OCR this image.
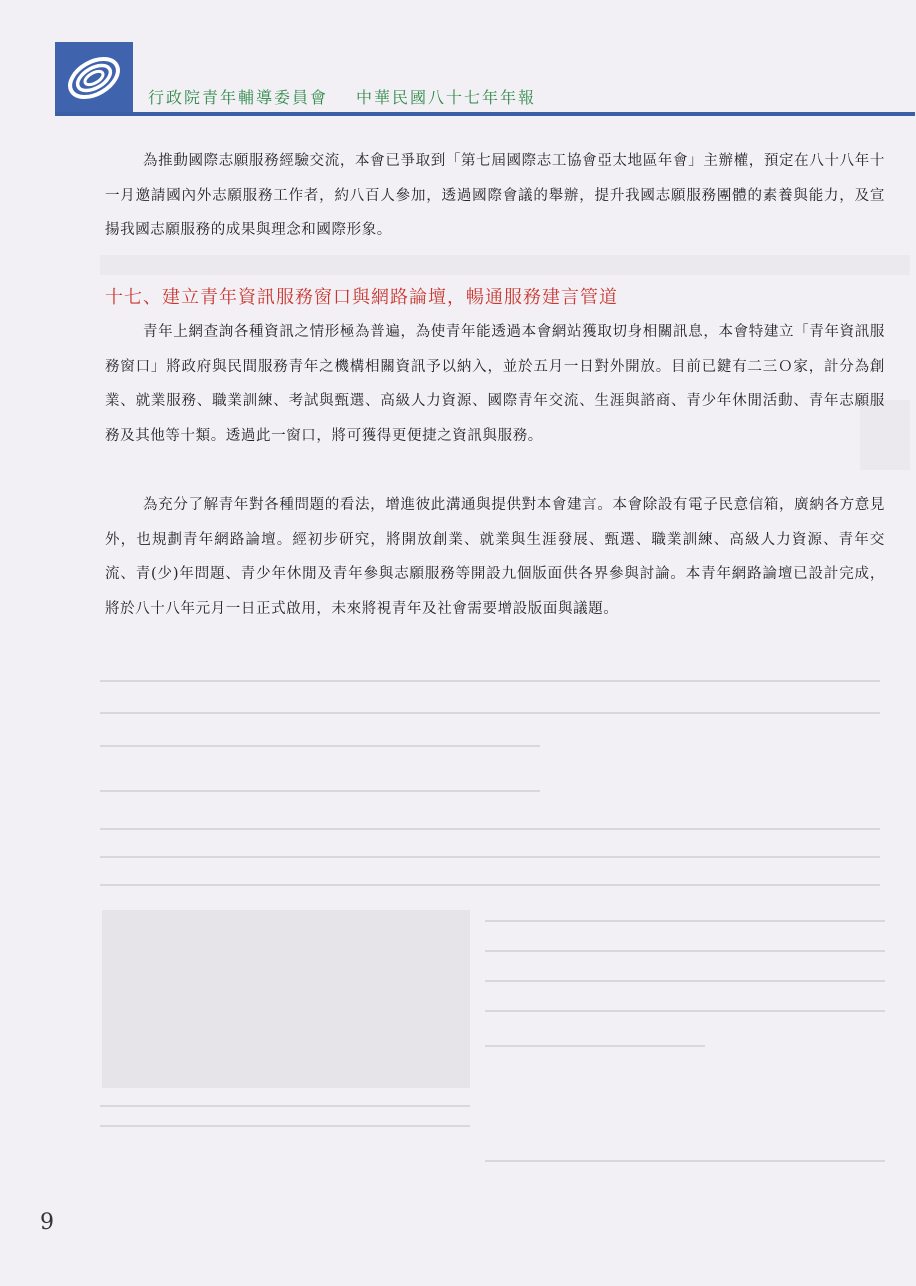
行政院青年輔導委員會 中華民國八十七年年報

為推動國際志願服務經驗交流，本會已爭取到「第七屆國際志工協會亞太地區年會」主辦權，預定在八十八年十一月邀請國內外志願服務工作者，約八百人參加，透過國際會議的舉辦，提升我國志願服務團體的素養與能力，及宣揚我國志願服務的成果與理念和國際形象。

十七、建立青年資訊服務窗口與網路論壇，暢通服務建言管道

青年上網查詢各種資訊之情形極為普遍，為使青年能透過本會網站獲取切身相關訊息，本會特建立「青年資訊服務窗口」將政府與民間服務青年之機構相關資訊予以納入，並於五月一日對外開放。目前已鍵有二三Ｏ家，計分為創業、就業服務、職業訓練、考試與甄選、高級人力資源、國際青年交流、生涯與諮商、青少年休閒活動、青年志願服務及其他等十類。透過此一窗口，將可獲得更便捷之資訊與服務。

為充分了解青年對各種問題的看法，增進彼此溝通與提供對本會建言。本會除設有電子民意信箱，廣納各方意見外，也規劃青年網路論壇。經初步研究，將開放創業、就業與生涯發展、甄選、職業訓練、高級人力資源、青年交流、青(少)年問題、青少年休閒及青年參與志願服務等開設九個版面供各界參與討論。本青年網路論壇已設計完成，將於八十八年元月一日正式啟用，未來將視青年及社會需要增設版面與議題。

9
